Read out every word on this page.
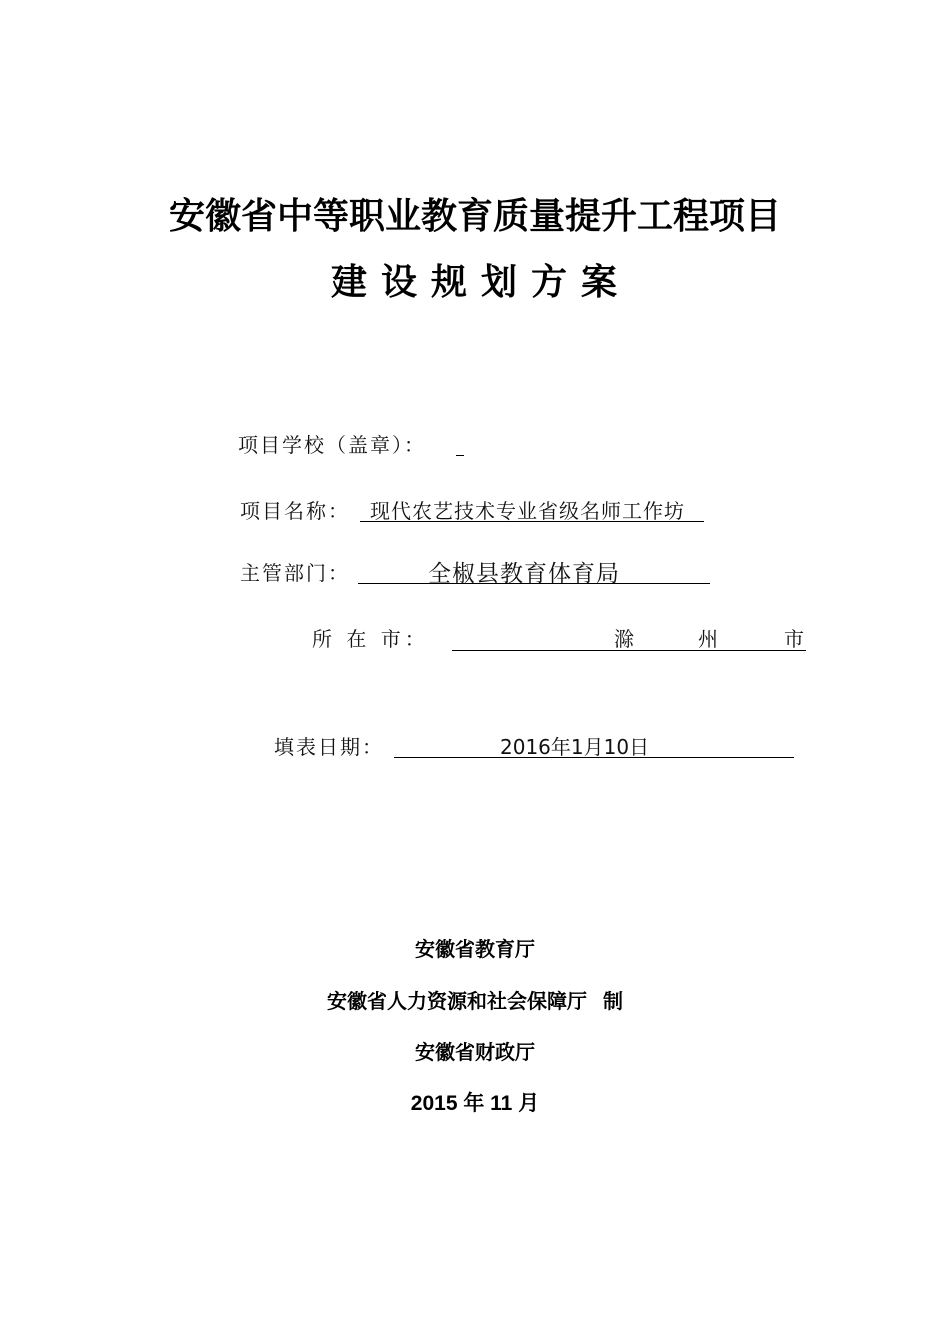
安徽省中等职业教育质量提升工程项目
建设规划方案
项目学校（盖章）：
项目名称： 现代农艺技术专业省级名师工作坊
主管部门：	全椒县教育体育局
所 在 市：	滁	州	市
填表日期：	2016年1月10日
安徽省教育厅
安徽省人力资源和社会保障厅 制
安徽省财政厅
2015 年 11 月
